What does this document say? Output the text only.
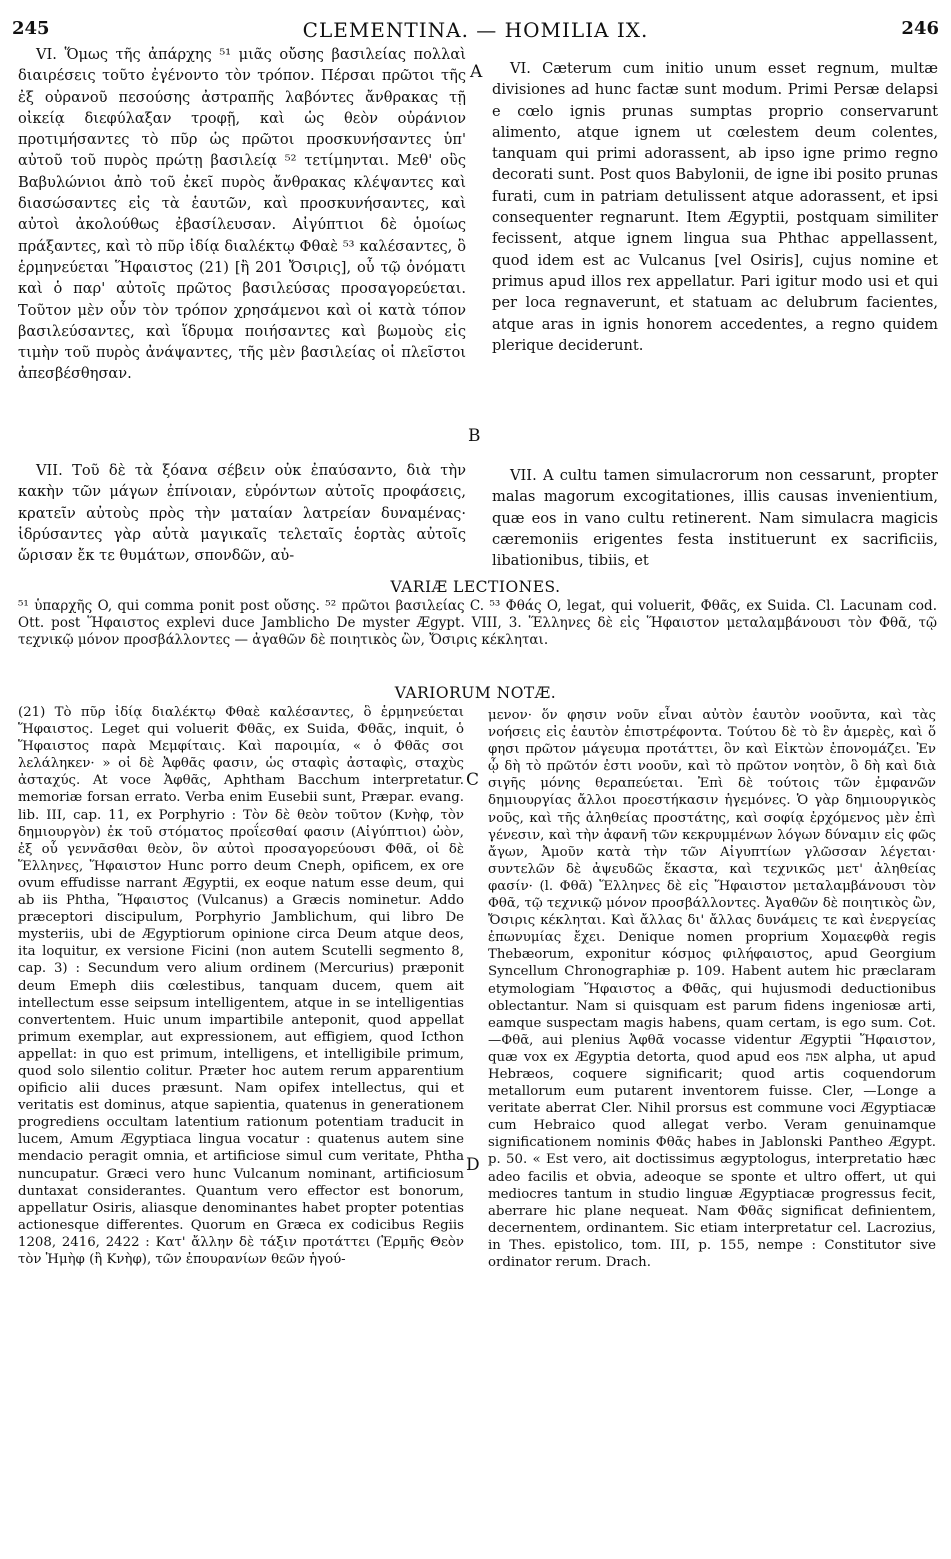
245	CLEMENTINA. — HOMILIA IX.	246
A
B
C
D

VI. Ὅμως τῆς ἀπάρχης ⁵¹ μιᾶς οὔσης βασιλείας πολλαὶ διαιρέσεις τοῦτο ἐγένοντο τὸν τρόπον. Πέρσαι πρῶτοι τῆς ἐξ οὐρανοῦ πεσούσης ἀστραπῆς λαβόντες ἄνθρακας τῇ οἰκείᾳ διεφύλαξαν τροφῇ, καὶ ὡς θεὸν οὐράνιον προτιμήσαντες τὸ πῦρ ὡς πρῶτοι προσκυνήσαντες ὑπ' αὐτοῦ τοῦ πυρὸς πρώτῃ βασιλείᾳ ⁵² τετίμηνται. Μεθ' οὓς Βαβυλώνιοι ἀπὸ τοῦ ἐκεῖ πυρὸς ἄνθρακας κλέψαντες καὶ διασώσαντες εἰς τὰ ἑαυτῶν, καὶ προσκυνήσαντες, καὶ αὐτοὶ ἀκολούθως ἐβασίλευσαν. Αἰγύπτιοι δὲ ὁμοίως πράξαντες, καὶ τὸ πῦρ ἰδίᾳ διαλέκτῳ Φθαὲ ⁵³ καλέσαντες, ὃ ἑρμηνεύεται Ἥφαιστος (21) [ἢ 201 Ὄσιρις], οὗ τῷ ὀνόματι καὶ ὁ παρ' αὐτοῖς πρῶτος βασιλεύσας προσαγορεύεται. Τοῦτον μὲν οὖν τὸν τρόπον χρησάμενοι καὶ οἱ κατὰ τόπον βασιλεύσαντες, καὶ ἵδρυμα ποιήσαντες καὶ βωμοὺς εἰς τιμὴν τοῦ πυρὸς ἀνάψαντες, τῆς μὲν βασιλείας οἱ πλεῖστοι ἀπεσβέσθησαν.

VI. Cæterum cum initio unum esset regnum, multæ divisiones ad hunc factæ sunt modum. Primi Persæ delapsi e cœlo ignis prunas sumptas proprio conservarunt alimento, atque ignem ut cœlestem deum colentes, tanquam qui primi adorassent, ab ipso igne primo regno decorati sunt. Post quos Babylonii, de igne ibi posito prunas furati, cum in patriam detulissent atque adorassent, et ipsi consequenter regnarunt. Item Ægyptii, postquam similiter fecissent, atque ignem lingua sua Phthac appellassent, quod idem est ac Vulcanus [vel Osiris], cujus nomine et primus apud illos rex appellatur. Pari igitur modo usi et qui per loca regnaverunt, et statuam ac delubrum facientes, atque aras in ignis honorem accedentes, a regno quidem plerique deciderunt.

VII. Τοῦ δὲ τὰ ξόανα σέβειν οὐκ ἐπαύσαντο, διὰ τὴν κακὴν τῶν μάγων ἐπίνοιαν, εὑρόντων αὐτοῖς προφάσεις, κρατεῖν αὐτοὺς πρὸς τὴν ματαίαν λατρείαν δυναμένας· ἱδρύσαντες γὰρ αὐτὰ μαγικαῖς τελεταῖς ἑορτὰς αὐτοῖς ὥρισαν ἔκ τε θυμάτων, σπονδῶν, αὐ-

VII. A cultu tamen simulacrorum non cessarunt, propter malas magorum excogitationes, illis causas invenientium, quæ eos in vano cultu retinerent. Nam simulacra magicis cæremoniis erigentes festa instituerunt ex sacrificiis, libationibus, tibiis, et

VARIÆ LECTIONES.

⁵¹ ὑπαρχῆς O, qui comma ponit post οὔσης. ⁵² πρῶτοι βασιλείας C. ⁵³ Φθάς O, legat, qui voluerit, Φθᾶς, ex Suida. Cl. Lacunam cod. Ott. post Ἥφαιστος explevi duce Jamblicho De myster Ægypt. VIII, 3. Ἕλληνες δὲ εἰς Ἥφαιστον μεταλαμβάνουσι τὸν Φθᾶ, τῷ τεχνικῷ μόνον προσβάλλοντες — ἀγαθῶν δὲ ποιητικὸς ὢν, Ὄσιρις κέκληται.

VARIORUM NOTÆ.

(21) Τὸ πῦρ ἰδίᾳ διαλέκτῳ Φθαὲ καλέσαντες, ὃ ἑρμηνεύεται Ἥφαιστος. Leget qui voluerit Φθᾶς, ex Suida, Φθᾶς, inquit, ὁ Ἥφαιστος παρὰ Μεμφίταις. Καὶ παροιμία, « ὁ Φθᾶς σοι λελάληκεν· » οἱ δὲ Ἀφθᾶς φασιν, ὡς σταφὶς ἀσταφὶς, σταχὺς ἀσταχύς. At voce Ἀφθᾶς, Aphtham Bacchum interpretatur. memoriæ forsan errato. Verba enim Eusebii sunt, Præpar. evang. lib. III, cap. 11, ex Porphyrio : Τὸν δὲ θεὸν τοῦτον (Κνὴφ, τὸν δημιουργὸν) ἐκ τοῦ στόματος προΐεσθαί φασιν (Αἰγύπτιοι) ὠὸν, ἐξ οὗ γεννᾶσθαι θεὸν, ὃν αὐτοὶ προσαγορεύουσι Φθᾶ, οἱ δὲ Ἕλληνες, Ἥφαιστον Hunc porro deum Cneph, opificem, ex ore ovum effudisse narrant Ægyptii, ex eoque natum esse deum, qui ab iis Phtha, Ἥφαιστος (Vulcanus) a Græcis nominetur. Addo præceptori discipulum, Porphyrio Jamblichum, qui libro De mysteriis, ubi de Ægyptiorum opinione circa Deum atque deos, ita loquitur, ex versione Ficini (non autem Scutelli segmento 8, cap. 3) : Secundum vero alium ordinem (Mercurius) præponit deum Emeph diis cœlestibus, tanquam ducem, quem ait intellectum esse seipsum intelligentem, atque in se intelligentias convertentem. Huic unum impartibile anteponit, quod appellat primum exemplar, aut expressionem, aut effigiem, quod Icthon appellat: in quo est primum, intelligens, et intelligibile primum, quod solo silentio colitur. Præter hoc autem rerum apparentium opificio alii duces præsunt. Nam opifex intellectus, qui et veritatis est dominus, atque sapientia, quatenus in generationem progrediens occultam latentium rationum potentiam traducit in lucem, Amum Ægyptiaca lingua vocatur : quatenus autem sine mendacio peragit omnia, et artificiose simul cum veritate, Phtha nuncupatur. Græci vero hunc Vulcanum nominant, artificiosum duntaxat considerantes. Quantum vero effector est bonorum, appellatur Osiris, aliasque denominantes habet propter potentias actionesque differentes. Quorum en Græca ex codicibus Regiis 1208, 2416, 2422 : Κατ' ἄλλην δὲ τάξιν προτάττει (Ἑρμῆς Θεὸν τὸν Ἠμὴφ (ἢ Κνὴφ), τῶν ἐπουρανίων θεῶν ἡγού-

μενον· ὅν φησιν νοῦν εἶναι αὐτὸν ἑαυτὸν νοοῦντα, καὶ τὰς νοήσεις εἰς ἑαυτὸν ἐπιστρέφοντα. Τούτου δὲ τὸ ἓν ἀμερὲς, καὶ ὅ φησι πρῶτον μάγευμα προτάττει, ὃν καὶ Εἰκτὼν ἐπονομάζει. Ἐν ᾧ δὴ τὸ πρῶτόν ἐστι νοοῦν, καὶ τὸ πρῶτον νοητὸν, ὃ δὴ καὶ διὰ σιγῆς μόνης θεραπεύεται. Ἐπὶ δὲ τούτοις τῶν ἐμφανῶν δημιουργίας ἄλλοι προεστήκασιν ἡγεμόνες. Ὁ γὰρ δημιουργικὸς νοῦς, καὶ τῆς ἀληθείας προστάτης, καὶ σοφίᾳ ἐρχόμενος μὲν ἐπὶ γένεσιν, καὶ τὴν ἀφανῆ τῶν κεκρυμμένων λόγων δύναμιν εἰς φῶς ἄγων, Ἀμοῦν κατὰ τὴν τῶν Αἰγυπτίων γλῶσσαν λέγεται· συντελῶν δὲ ἀψευδῶς ἕκαστα, καὶ τεχνικῶς μετ' ἀληθείας φασίν· (l. Φθᾶ) Ἕλληνες δὲ εἰς Ἥφαιστον μεταλαμβάνουσι τὸν Φθᾶ, τῷ τεχνικῷ μόνον προσβάλλοντες. Ἀγαθῶν δὲ ποιητικὸς ὢν, Ὄσιρις κέκληται. Καὶ ἄλλας δι' ἄλλας δυνάμεις τε καὶ ἐνεργείας ἐπωνυμίας ἔχει. Denique nomen proprium Χομαεφθὰ regis Thebæorum, exponitur κόσμος φιλήφαιστος, apud Georgium Syncellum Chronographiæ p. 109. Habent autem hic præclaram etymologiam Ἥφαιστος a Φθᾶς, qui hujusmodi deductionibus oblectantur. Nam si quisquam est parum fidens ingeniosæ arti, eamque suspectam magis habens, quam certam, is ego sum. Cot. —Φθᾶ, aui plenius Ἀφθᾶ vocasse videntur Ægyptii Ἥφαιστον, quæ vox ex Ægyptia detorta, quod apud eos אפה alpha, ut apud Hebræos, coquere significarit; quod artis coquendorum metallorum eum putarent inventorem fuisse. Cler, —Longe a veritate aberrat Cler. Nihil prorsus est commune voci Ægyptiacæ cum Hebraico quod allegat verbo. Veram genuinamque significationem nominis Φθᾶς habes in Jablonski Pantheo Ægypt. p. 50. « Est vero, ait doctissimus ægyptologus, interpretatio hæc adeo facilis et obvia, adeoque se sponte et ultro offert, ut qui mediocres tantum in studio linguæ Ægyptiacæ progressus fecit, aberrare hic plane nequeat. Nam Φθᾶς significat definientem, decernentem, ordinantem. Sic etiam interpretatur cel. Lacrozius, in Thes. epistolico, tom. III, p. 155, nempe : Constitutor sive ordinator rerum. Drach.
